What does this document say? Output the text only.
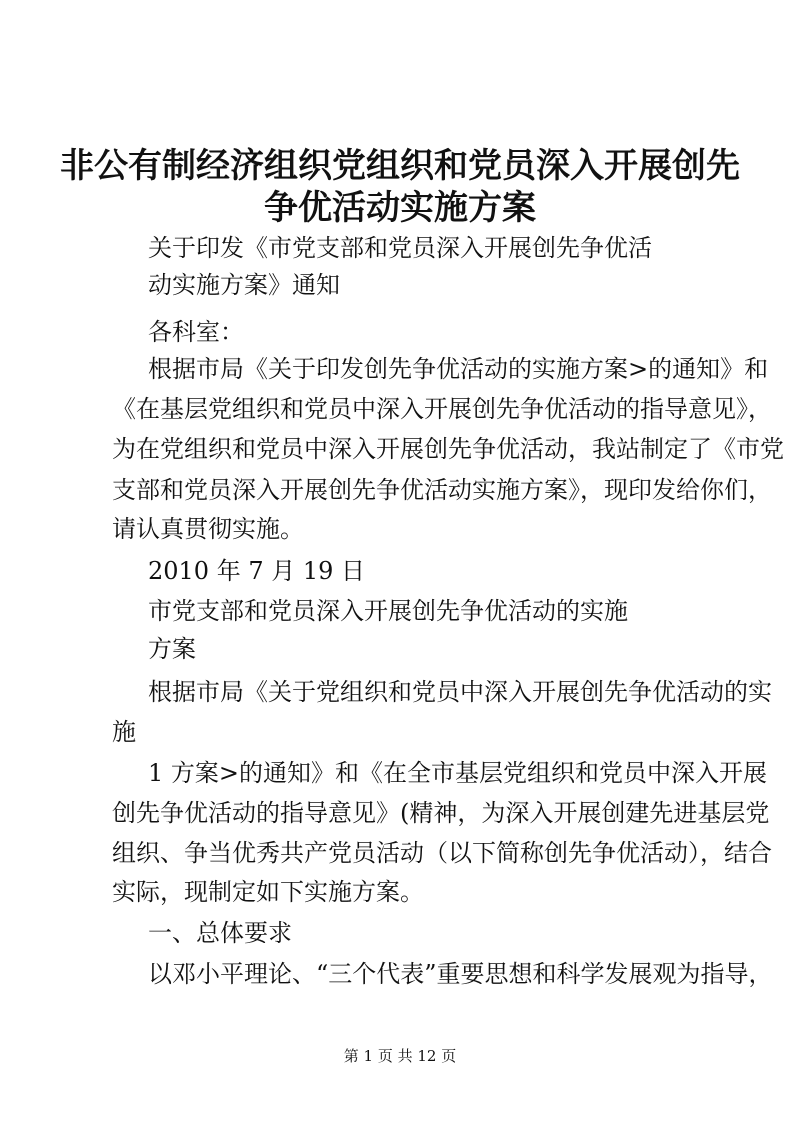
非公有制经济组织党组织和党员深入开展创先
争优活动实施方案
关于印发《市党支部和党员深入开展创先争优活
动实施方案》通知
各科室：
根据市局《关于印发创先争优活动的实施方案>的通知》和
《在基层党组织和党员中深入开展创先争优活动的指导意见》，
为在党组织和党员中深入开展创先争优活动，我站制定了《市党
支部和党员深入开展创先争优活动实施方案》，现印发给你们，
请认真贯彻实施。
2010 年 7 月 19 日
市党支部和党员深入开展创先争优活动的实施
方案
根据市局《关于党组织和党员中深入开展创先争优活动的实
施
1 方案>的通知》和《在全市基层党组织和党员中深入开展
创先争优活动的指导意见》(精神，为深入开展创建先进基层党
组织、争当优秀共产党员活动（以下简称创先争优活动），结合
实际，现制定如下实施方案。
一、总体要求
以邓小平理论、“三个代表”重要思想和科学发展观为指导，
第 1 页 共 12 页
